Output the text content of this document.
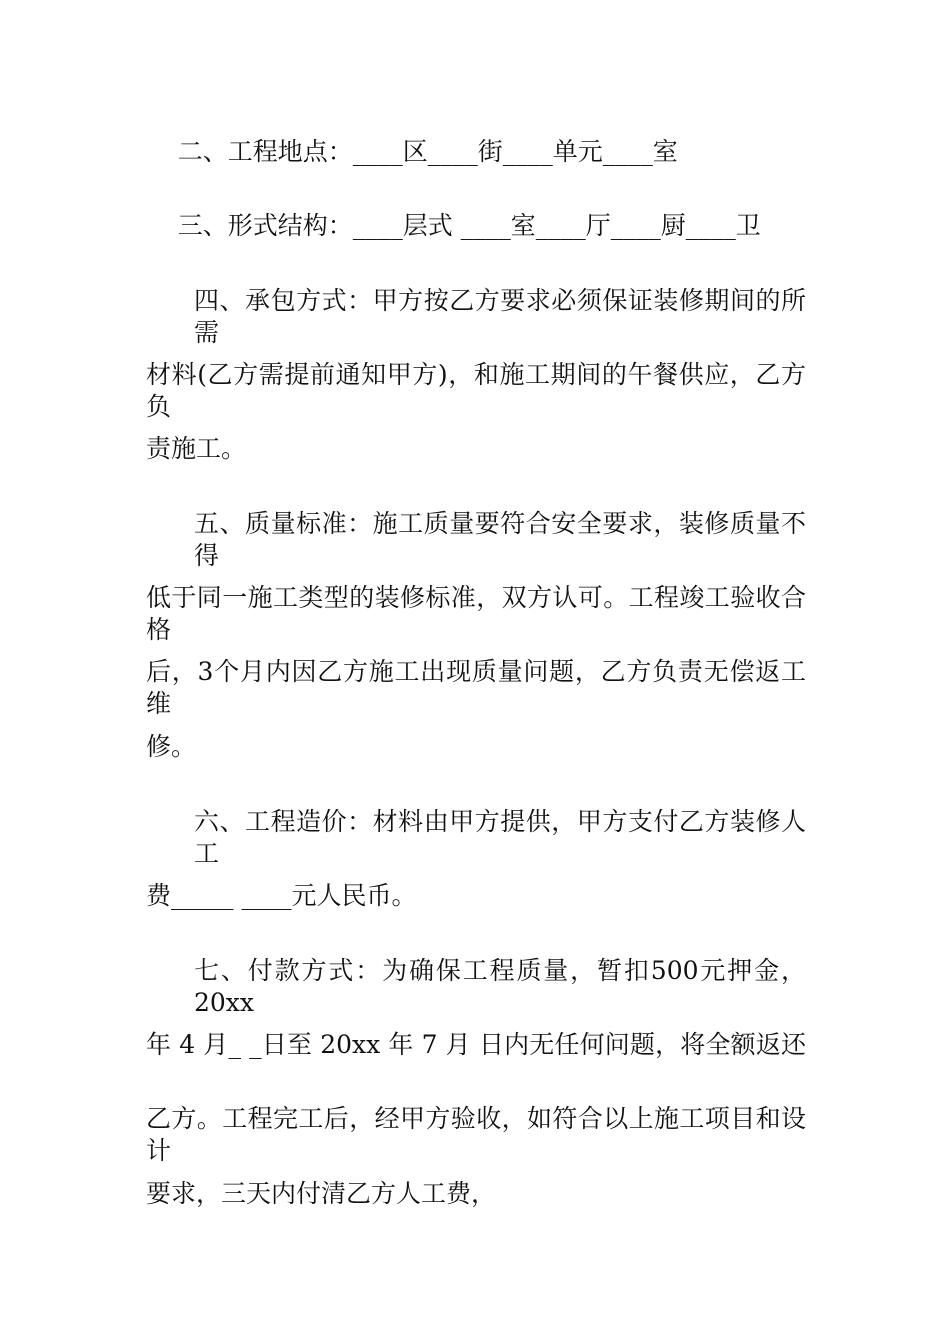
二、工程地点：____区____街____单元____室
三、形式结构：____层式 ____室____厅____厨____卫
四、承包方式：甲方按乙方要求必须保证装修期间的所需
材料(乙方需提前通知甲方)，和施工期间的午餐供应，乙方负
责施工。
五、质量标准：施工质量要符合安全要求，装修质量不得
低于同一施工类型的装修标准，双方认可。工程竣工验收合格
后，3个月内因乙方施工出现质量问题，乙方负责无偿返工维
修。
六、工程造价：材料由甲方提供，甲方支付乙方装修人工
费_____ ____元人民币。
七、付款方式：为确保工程质量，暂扣500元押金，20xx
年 4 月_ _日至 20xx 年 7 月 日内无任何问题，将全额返还
乙方。工程完工后，经甲方验收，如符合以上施工项目和设计
要求，三天内付清乙方人工费，
